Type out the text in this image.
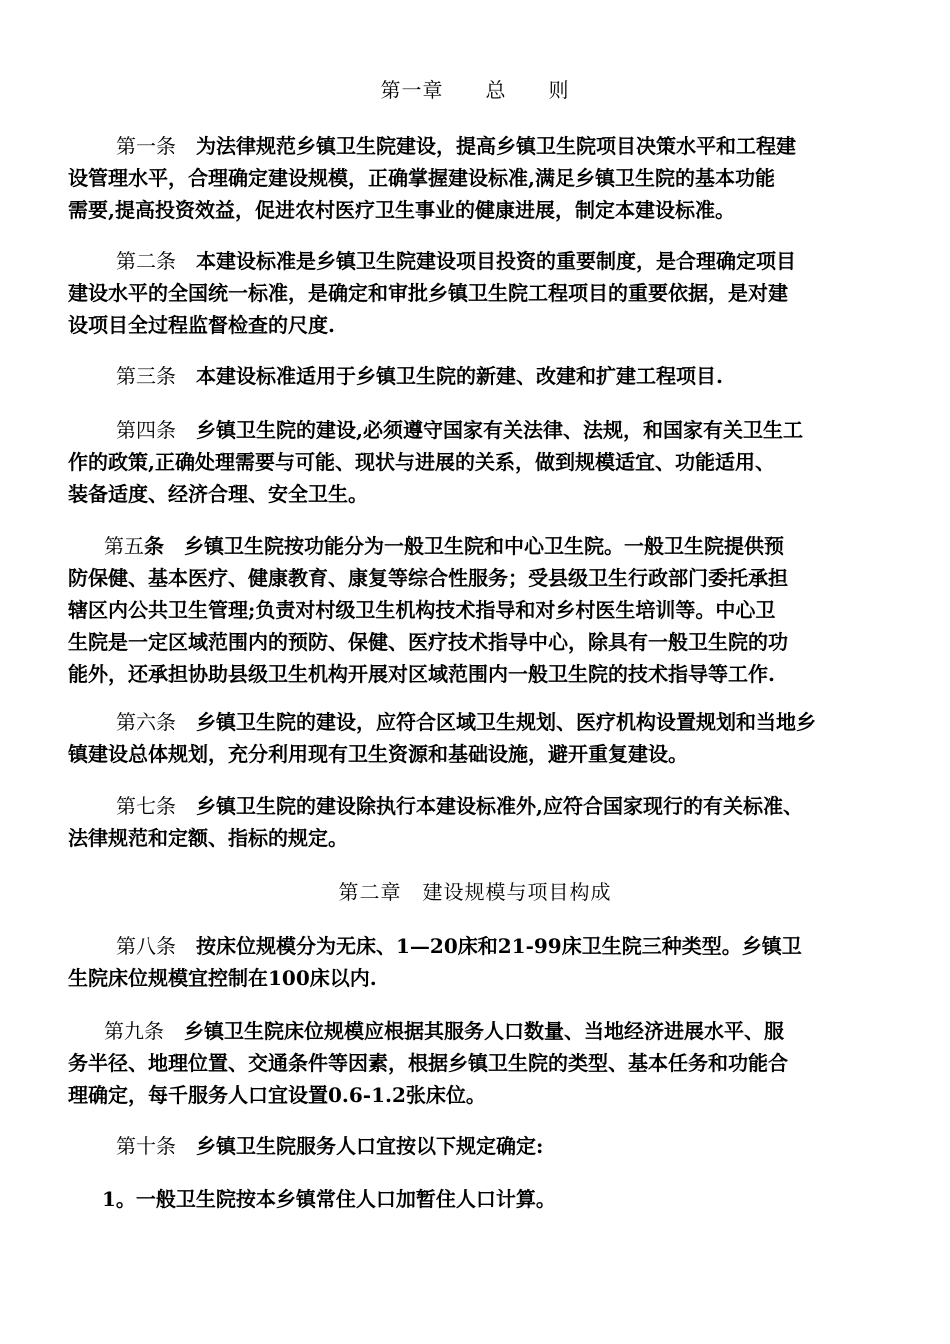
第一章　　总　　则
第一条　 为法律规范乡镇卫生院建设，提高乡镇卫生院项目决策水平和工程建
设管理水平，合理确定建设规模，正确掌握建设标准,满足乡镇卫生院的基本功能
需要,提高投资效益，促进农村医疗卫生事业的健康进展，制定本建设标准。
第二条　 本建设标准是乡镇卫生院建设项目投资的重要制度，是合理确定项目
建设水平的全国统一标准，是确定和审批乡镇卫生院工程项目的重要依据，是对建
设项目全过程监督检查的尺度.
第三条　 本建设标准适用于乡镇卫生院的新建、改建和扩建工程项目.
第四条　 乡镇卫生院的建设,必须遵守国家有关法律、法规，和国家有关卫生工
作的政策,正确处理需要与可能、现状与进展的关系，做到规模适宜、功能适用、
装备适度、经济合理、安全卫生。
第五条　 乡镇卫生院按功能分为一般卫生院和中心卫生院。一般卫生院提供预
防保健、基本医疗、健康教育、康复等综合性服务；受县级卫生行政部门委托承担
辖区内公共卫生管理;负责对村级卫生机构技术指导和对乡村医生培训等。中心卫
生院是一定区域范围内的预防、保健、医疗技术指导中心，除具有一般卫生院的功
能外，还承担协助县级卫生机构开展对区域范围内一般卫生院的技术指导等工作.
第六条　 乡镇卫生院的建设，应符合区域卫生规划、医疗机构设置规划和当地乡
镇建设总体规划，充分利用现有卫生资源和基础设施，避开重复建设。
第七条　 乡镇卫生院的建设除执行本建设标准外,应符合国家现行的有关标准、
法律规范和定额、指标的规定。
第二章　建设规模与项目构成
第八条　 按床位规模分为无床、1—20床和21-99床卫生院三种类型。乡镇卫
生院床位规模宜控制在100床以内.
第九条　 乡镇卫生院床位规模应根据其服务人口数量、当地经济进展水平、服
务半径、地理位置、交通条件等因素，根据乡镇卫生院的类型、基本任务和功能合
理确定，每千服务人口宜设置0.6-1.2张床位。
第十条　 乡镇卫生院服务人口宜按以下规定确定:
1。一般卫生院按本乡镇常住人口加暂住人口计算。
